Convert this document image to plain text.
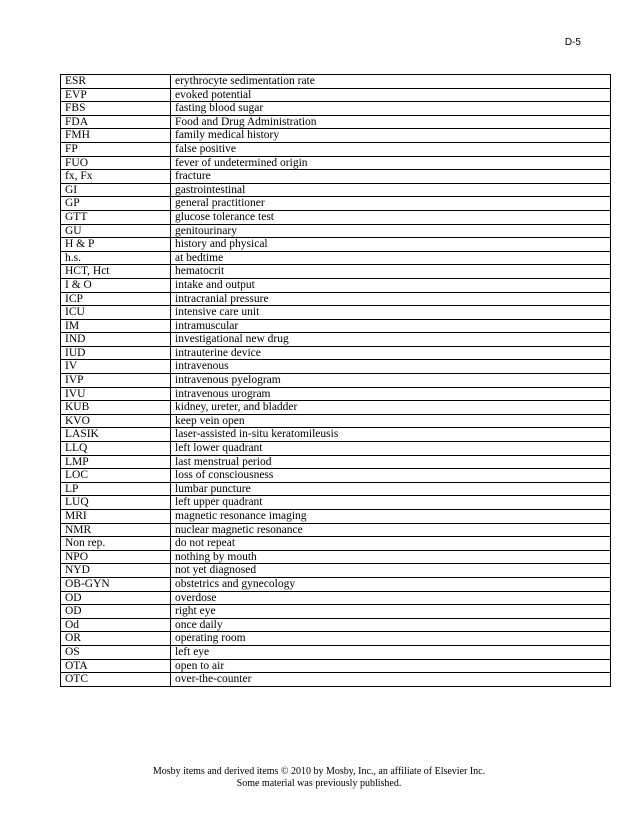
D-5
ESR	erythrocyte sedimentation rate
EVP	evoked potential
FBS	fasting blood sugar
FDA	Food and Drug Administration
FMH	family medical history
FP	false positive
FUO	fever of undetermined origin
fx, Fx	fracture
GI	gastrointestinal
GP	general practitioner
GTT	glucose tolerance test
GU	genitourinary
H & P	history and physical
h.s.	at bedtime
HCT, Hct	hematocrit
I & O	intake and output
ICP	intracranial pressure
ICU	intensive care unit
IM	intramuscular
IND	investigational new drug
IUD	intrauterine device
IV	intravenous
IVP	intravenous pyelogram
IVU	intravenous urogram
KUB	kidney, ureter, and bladder
KVO	keep vein open
LASIK	laser-assisted in-situ keratomileusis
LLQ	left lower quadrant
LMP	last menstrual period
LOC	loss of consciousness
LP	lumbar puncture
LUQ	left upper quadrant
MRI	magnetic resonance imaging
NMR	nuclear magnetic resonance
Non rep.	do not repeat
NPO	nothing by mouth
NYD	not yet diagnosed
OB-GYN	obstetrics and gynecology
OD	overdose
OD	right eye
Od	once daily
OR	operating room
OS	left eye
OTA	open to air
OTC	over-the-counter
Mosby items and derived items © 2010 by Mosby, Inc., an affiliate of Elsevier Inc.
Some material was previously published.
